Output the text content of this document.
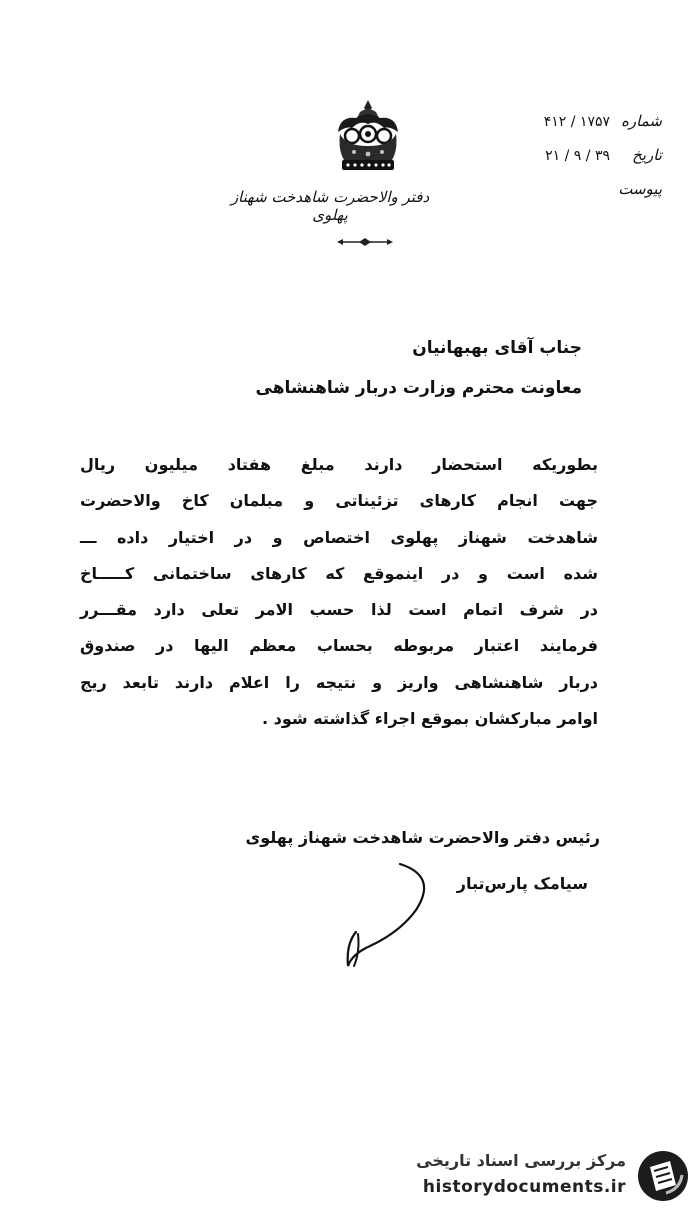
دفتر والاحضرت شاهدخت شهناز پهلوی
شماره
۱۷۵۷ / ۴۱۲
تاریخ
۳۹ / ۹ / ۲۱
پیوست
جناب آقای بهبهانیان
معاونت محترم وزارت دربار شاهنشاهی
بطوریکه استحضار دارند مبلغ هفتاد میلیون ریال
جهت انجام کارهای تزئیناتی و مبلمان کاخ والاحضرت
شاهدخت شهناز پهلوی اختصاص و در اختیار داده ـــ
شده است و در اینموقع که کارهای ساختمانی کـــــاخ
در شرف اتمام است لذا حسب الامر تعلی دارد مقـــرر
فرمایند اعتبار مربوطه بحساب معظم الیها در صندوق
دربار شاهنشاهی واریز و نتیجه را اعلام دارند تابعد ریج
اوامر مبارکشان بموقع اجراء گذاشته شود .
رئیس دفتر والاحضرت شاهدخت شهناز پهلوی
سیامک پارس‌تبار
مرکز بررسی اسناد تاریخی
historydocuments.ir
